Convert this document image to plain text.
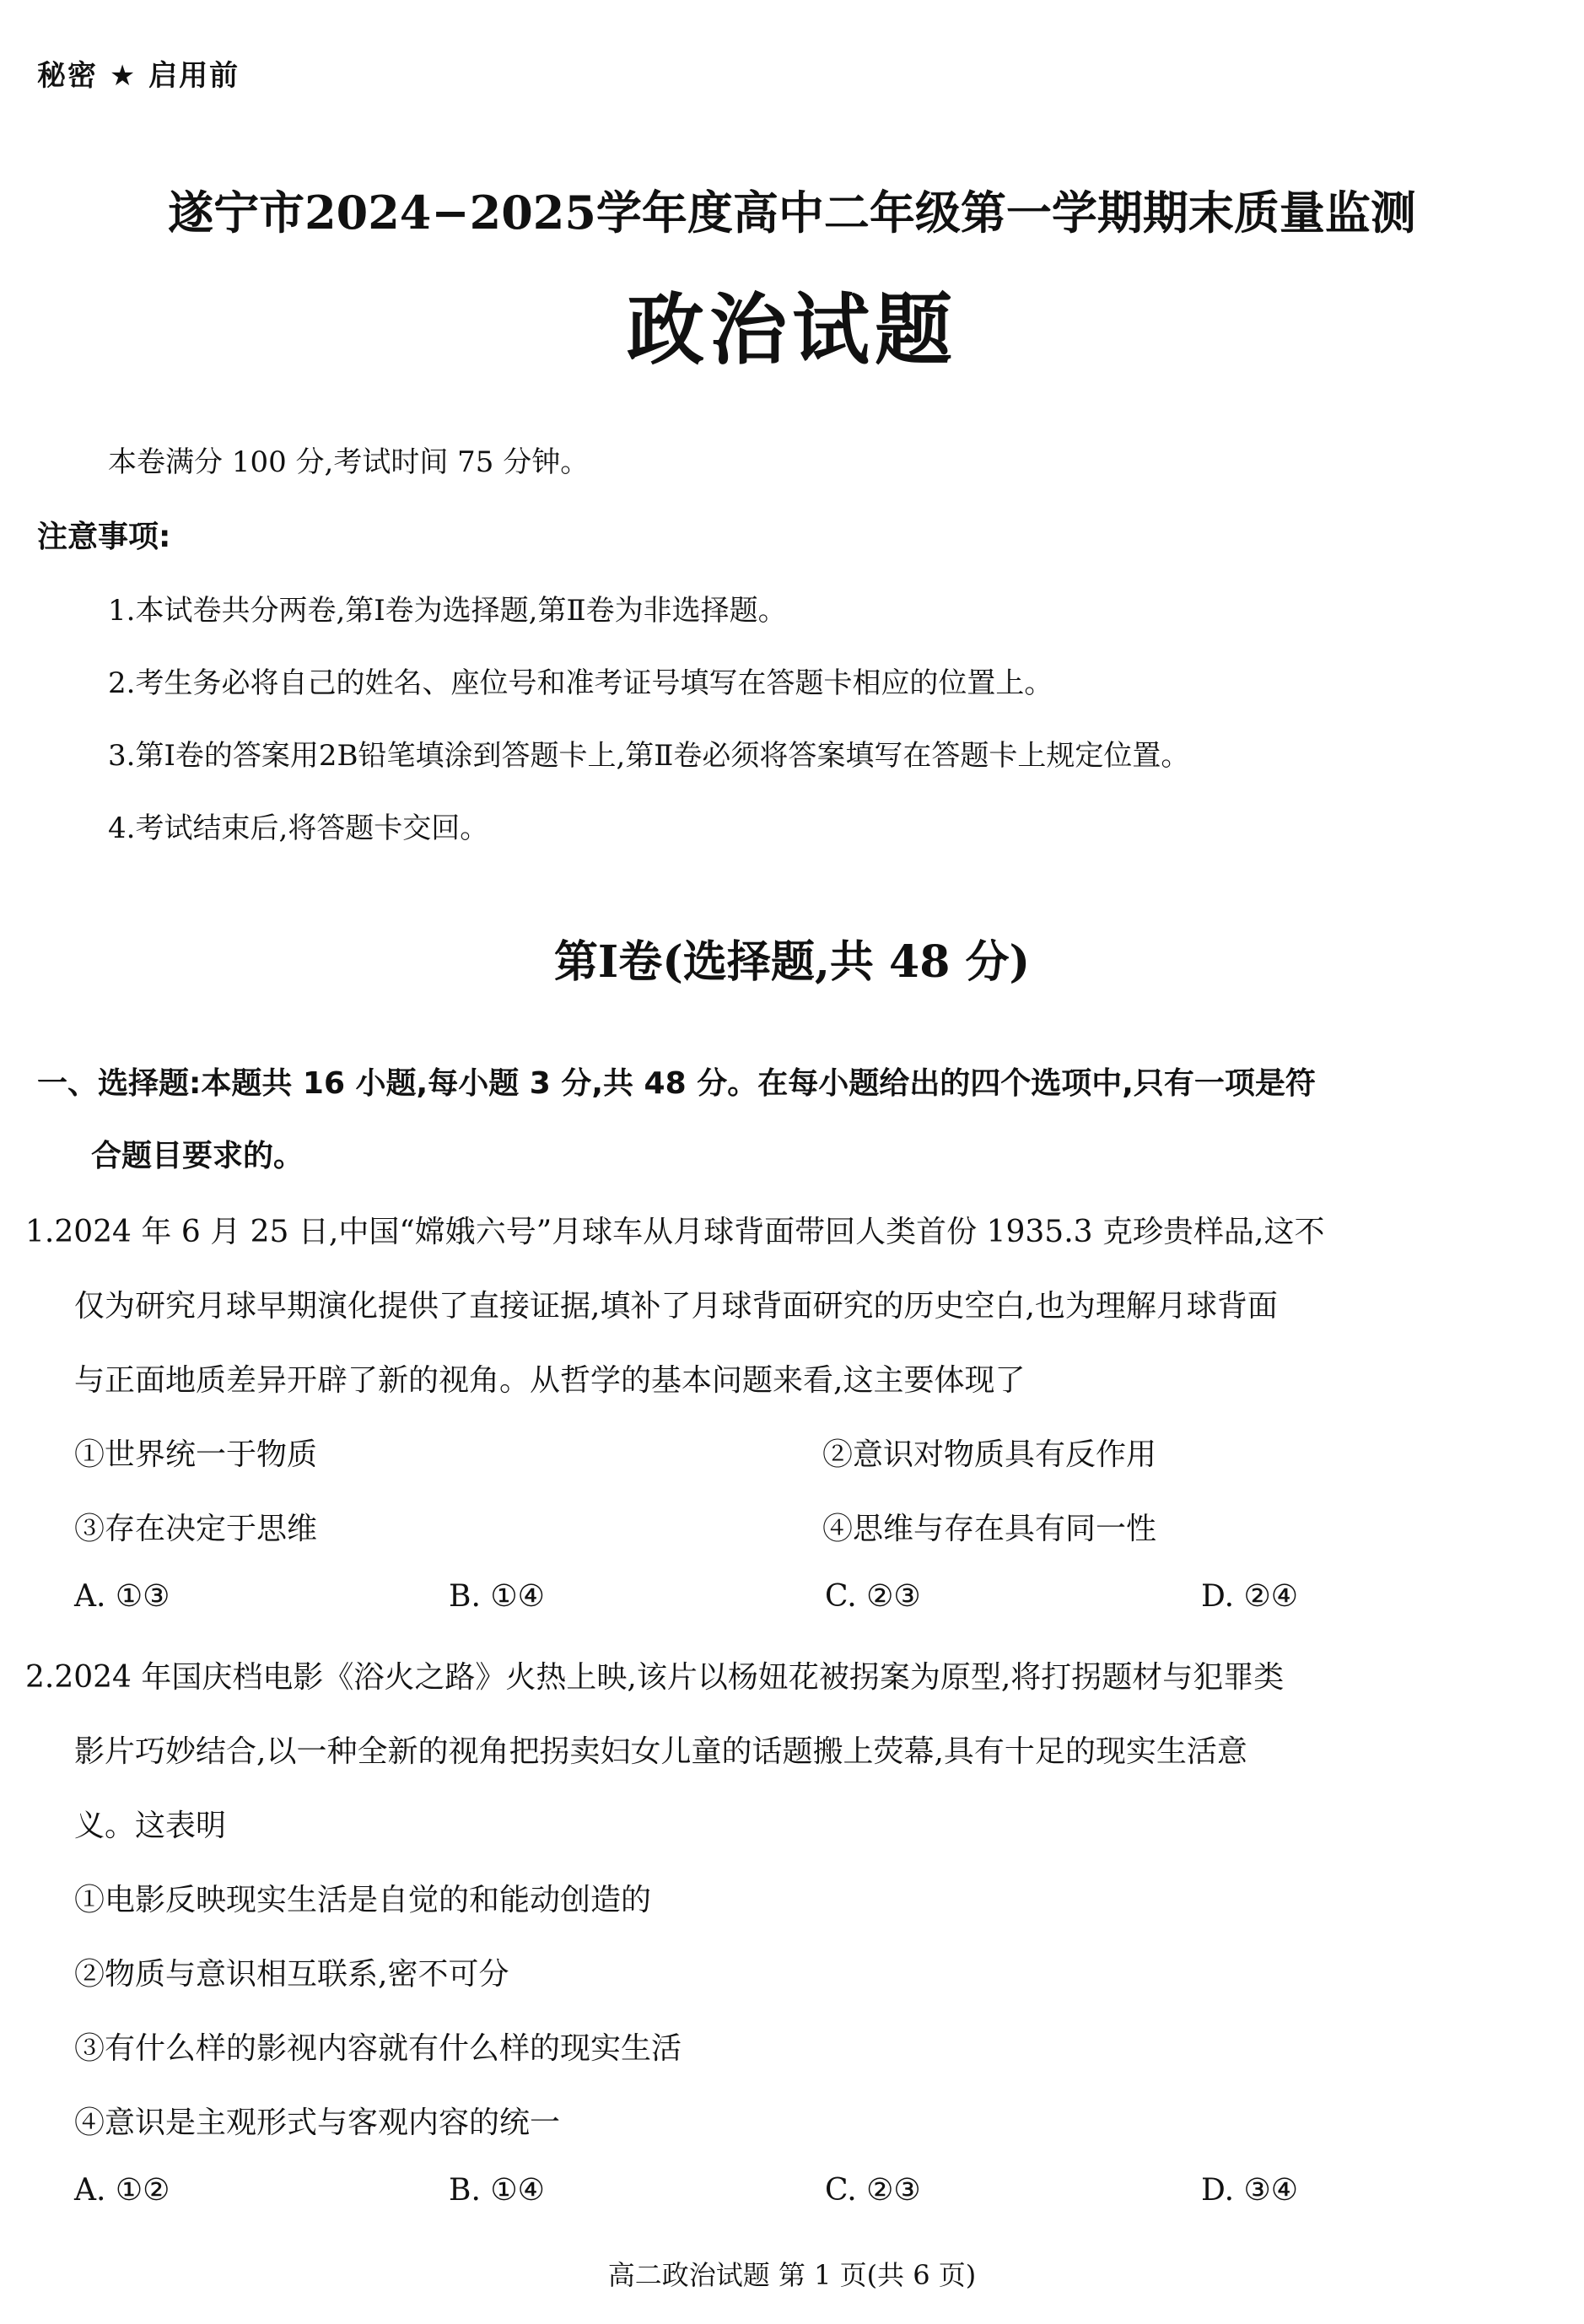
秘密 ★ 启用前
遂宁市2024−2025学年度高中二年级第一学期期末质量监测
政治试题
本卷满分 100 分,考试时间 75 分钟。
注意事项:
1.本试卷共分两卷,第Ⅰ卷为选择题,第Ⅱ卷为非选择题。
2.考生务必将自己的姓名、座位号和准考证号填写在答题卡相应的位置上。
3.第Ⅰ卷的答案用2B铅笔填涂到答题卡上,第Ⅱ卷必须将答案填写在答题卡上规定位置。
4.考试结束后,将答题卡交回。
第Ⅰ卷(选择题,共 48 分)
一、选择题:本题共 16 小题,每小题 3 分,共 48 分。在每小题给出的四个选项中,只有一项是符
合题目要求的。
1.2024 年 6 月 25 日,中国“嫦娥六号”月球车从月球背面带回人类首份 1935.3 克珍贵样品,这不
仅为研究月球早期演化提供了直接证据,填补了月球背面研究的历史空白,也为理解月球背面
与正面地质差异开辟了新的视角。从哲学的基本问题来看,这主要体现了
①世界统一于物质	②意识对物质具有反作用
③存在决定于思维	④思维与存在具有同一性
A. ①③	B. ①④	C. ②③	D. ②④
2.2024 年国庆档电影《浴火之路》火热上映,该片以杨妞花被拐案为原型,将打拐题材与犯罪类
影片巧妙结合,以一种全新的视角把拐卖妇女儿童的话题搬上荧幕,具有十足的现实生活意
义。这表明
①电影反映现实生活是自觉的和能动创造的
②物质与意识相互联系,密不可分
③有什么样的影视内容就有什么样的现实生活
④意识是主观形式与客观内容的统一
A. ①②	B. ①④	C. ②③	D. ③④
高二政治试题 第 1 页(共 6 页)
